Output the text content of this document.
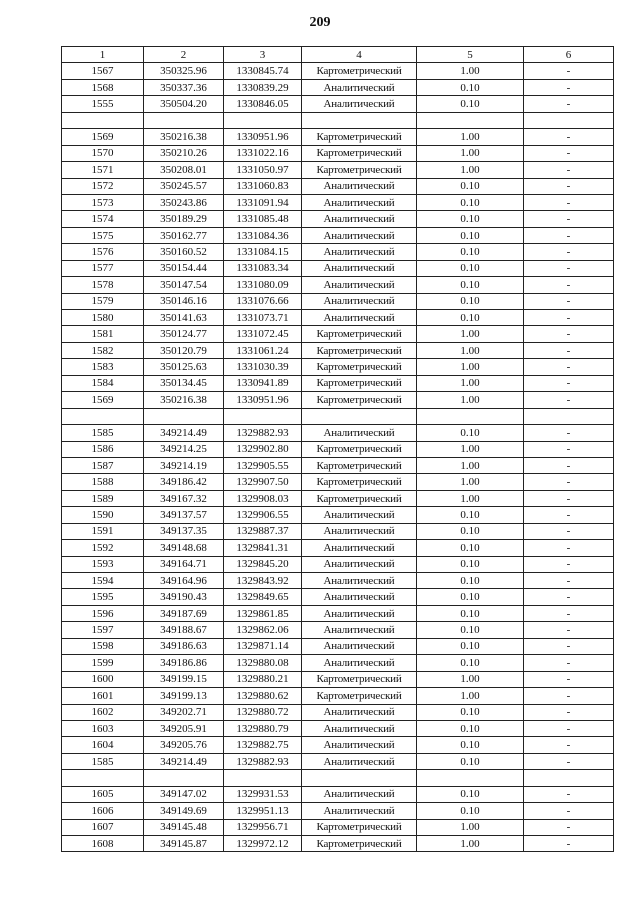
209
1	2	3	4	5	6
1567	350325.96	1330845.74	Картометрический	1.00	-
1568	350337.36	1330839.29	Аналитический	0.10	-
1555	350504.20	1330846.05	Аналитический	0.10	-

1569	350216.38	1330951.96	Картометрический	1.00	-
1570	350210.26	1331022.16	Картометрический	1.00	-
1571	350208.01	1331050.97	Картометрический	1.00	-
1572	350245.57	1331060.83	Аналитический	0.10	-
1573	350243.86	1331091.94	Аналитический	0.10	-
1574	350189.29	1331085.48	Аналитический	0.10	-
1575	350162.77	1331084.36	Аналитический	0.10	-
1576	350160.52	1331084.15	Аналитический	0.10	-
1577	350154.44	1331083.34	Аналитический	0.10	-
1578	350147.54	1331080.09	Аналитический	0.10	-
1579	350146.16	1331076.66	Аналитический	0.10	-
1580	350141.63	1331073.71	Аналитический	0.10	-
1581	350124.77	1331072.45	Картометрический	1.00	-
1582	350120.79	1331061.24	Картометрический	1.00	-
1583	350125.63	1331030.39	Картометрический	1.00	-
1584	350134.45	1330941.89	Картометрический	1.00	-
1569	350216.38	1330951.96	Картометрический	1.00	-

1585	349214.49	1329882.93	Аналитический	0.10	-
1586	349214.25	1329902.80	Картометрический	1.00	-
1587	349214.19	1329905.55	Картометрический	1.00	-
1588	349186.42	1329907.50	Картометрический	1.00	-
1589	349167.32	1329908.03	Картометрический	1.00	-
1590	349137.57	1329906.55	Аналитический	0.10	-
1591	349137.35	1329887.37	Аналитический	0.10	-
1592	349148.68	1329841.31	Аналитический	0.10	-
1593	349164.71	1329845.20	Аналитический	0.10	-
1594	349164.96	1329843.92	Аналитический	0.10	-
1595	349190.43	1329849.65	Аналитический	0.10	-
1596	349187.69	1329861.85	Аналитический	0.10	-
1597	349188.67	1329862.06	Аналитический	0.10	-
1598	349186.63	1329871.14	Аналитический	0.10	-
1599	349186.86	1329880.08	Аналитический	0.10	-
1600	349199.15	1329880.21	Картометрический	1.00	-
1601	349199.13	1329880.62	Картометрический	1.00	-
1602	349202.71	1329880.72	Аналитический	0.10	-
1603	349205.91	1329880.79	Аналитический	0.10	-
1604	349205.76	1329882.75	Аналитический	0.10	-
1585	349214.49	1329882.93	Аналитический	0.10	-

1605	349147.02	1329931.53	Аналитический	0.10	-
1606	349149.69	1329951.13	Аналитический	0.10	-
1607	349145.48	1329956.71	Картометрический	1.00	-
1608	349145.87	1329972.12	Картометрический	1.00	-
